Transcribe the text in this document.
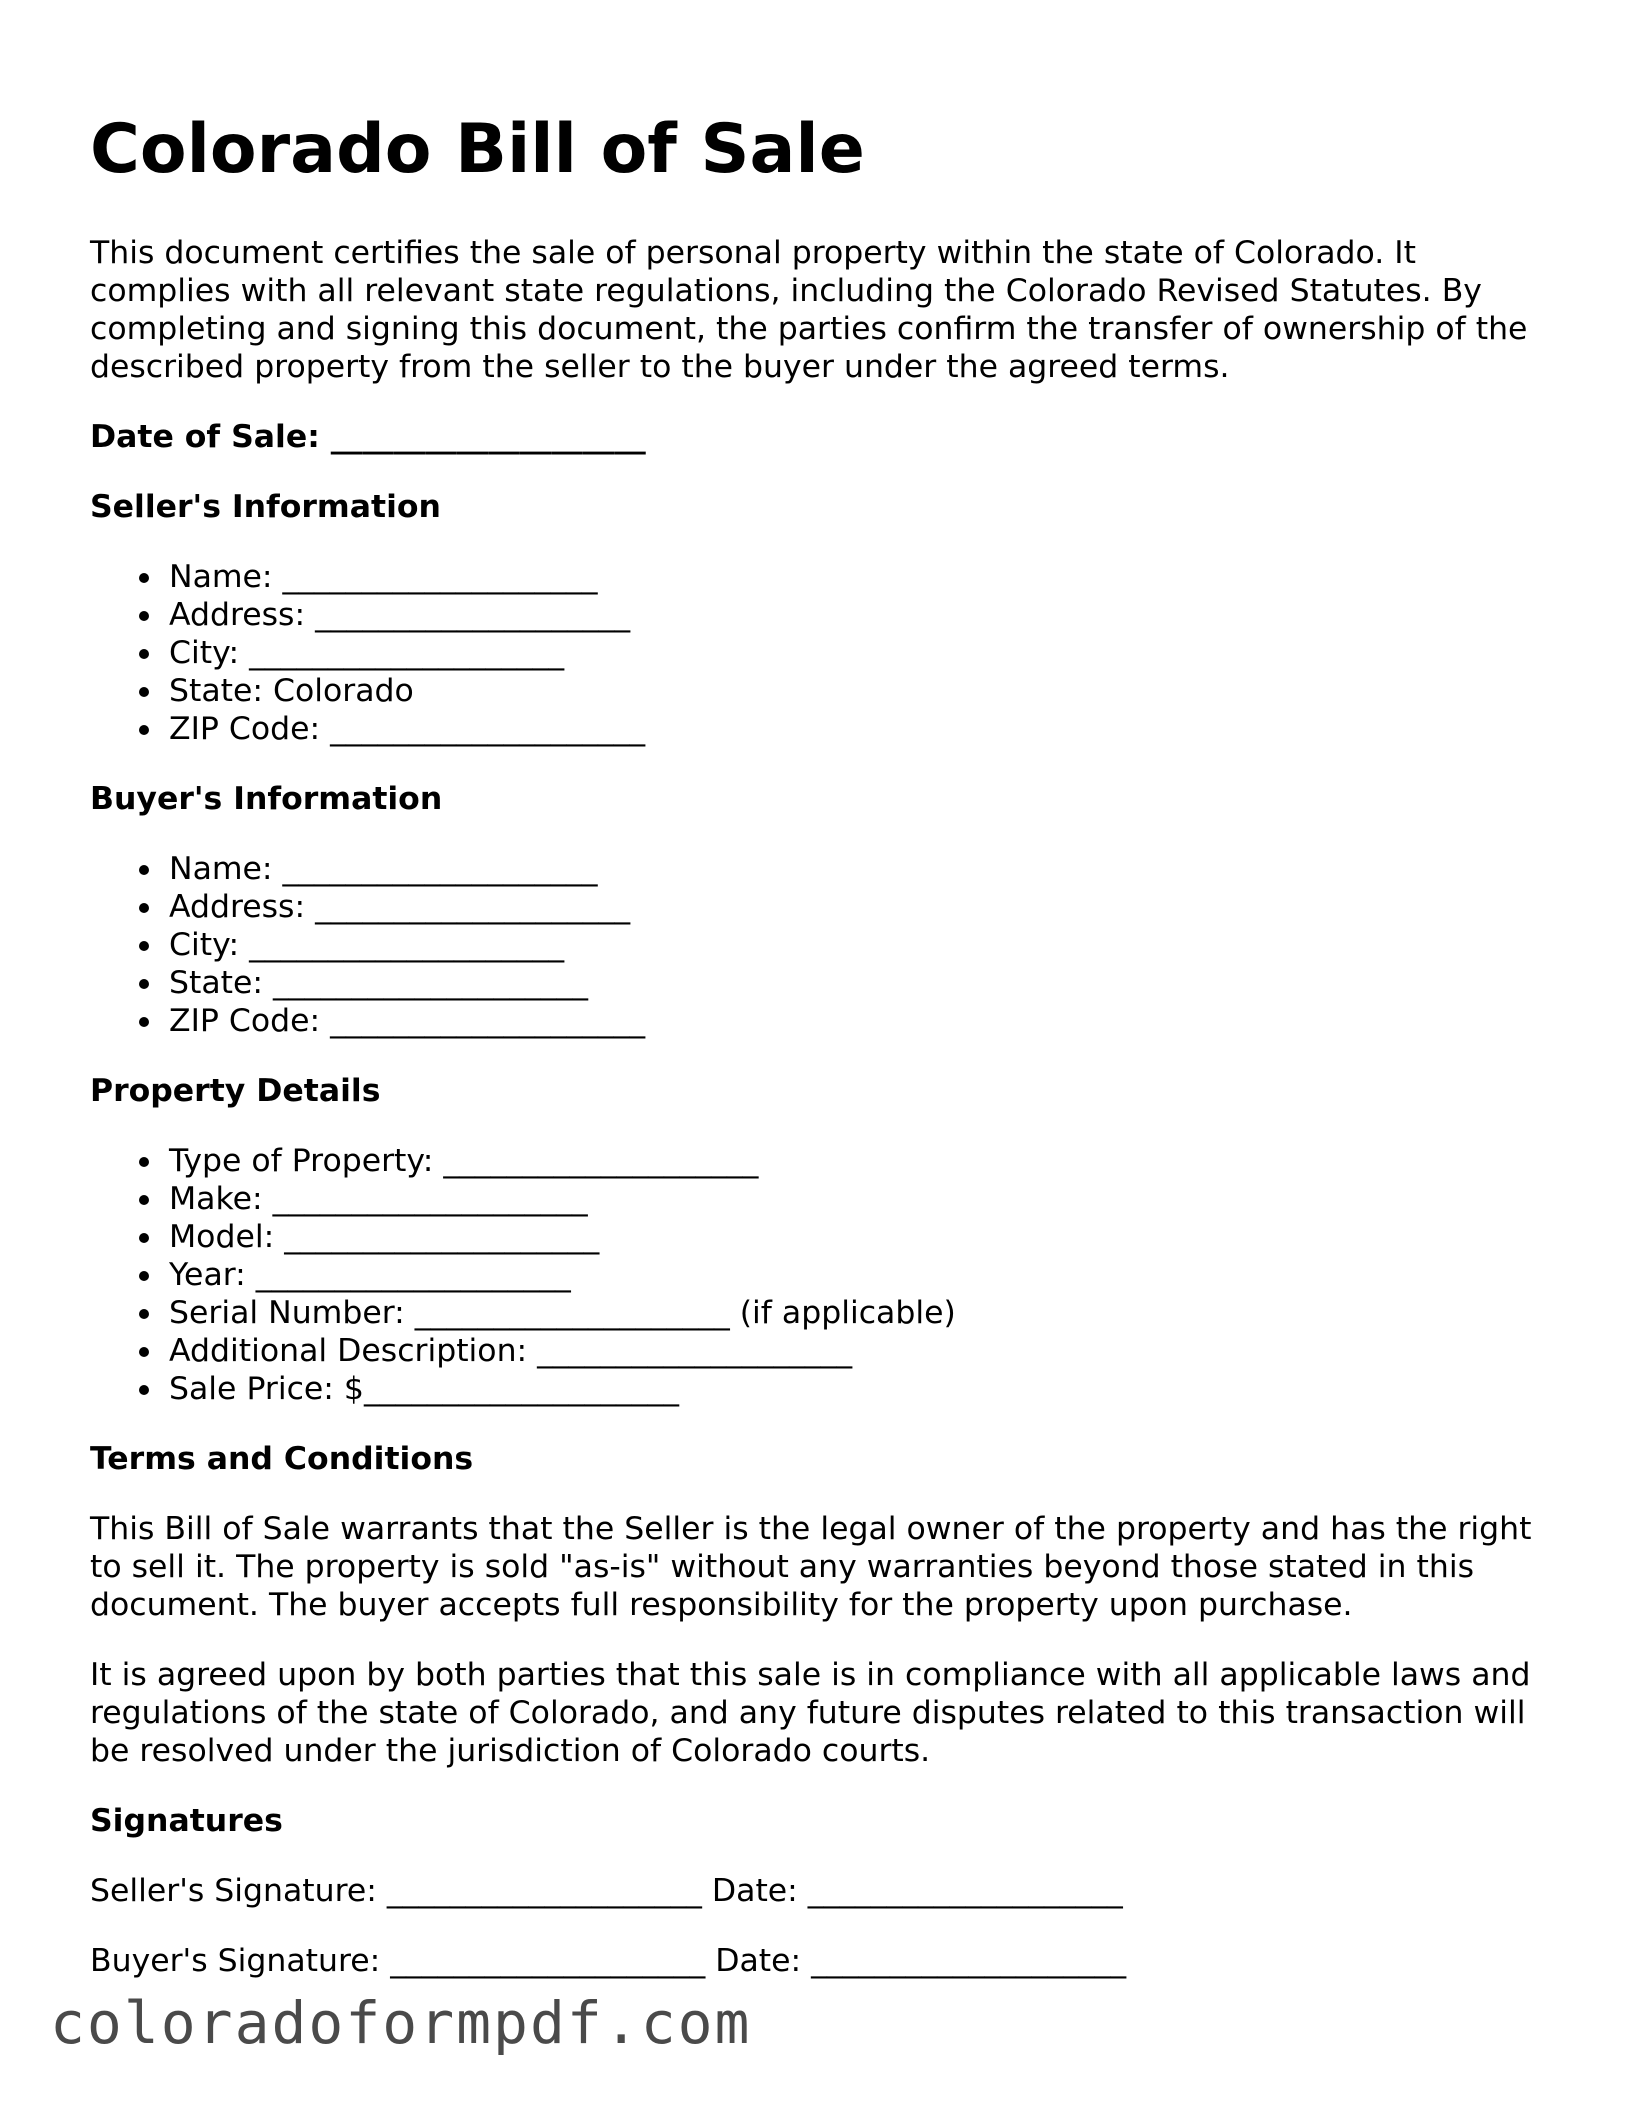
Colorado Bill of Sale

This document certifies the sale of personal property within the state of Colorado. It complies with all relevant state regulations, including the Colorado Revised Statutes. By completing and signing this document, the parties confirm the transfer of ownership of the described property from the seller to the buyer under the agreed terms.

Date of Sale: ____________________
Seller's Information
Name: ____________________
Address: ____________________
City: ____________________
State: Colorado
ZIP Code: ____________________
Buyer's Information
Name: ____________________
Address: ____________________
City: ____________________
State: ____________________
ZIP Code: ____________________
Property Details
Type of Property: ____________________
Make: ____________________
Model: ____________________
Year: ____________________
Serial Number: ____________________ (if applicable)
Additional Description: ____________________
Sale Price: $____________________
Terms and Conditions

This Bill of Sale warrants that the Seller is the legal owner of the property and has the right to sell it. The property is sold "as-is" without any warranties beyond those stated in this document. The buyer accepts full responsibility for the property upon purchase.

It is agreed upon by both parties that this sale is in compliance with all applicable laws and regulations of the state of Colorado, and any future disputes related to this transaction will be resolved under the jurisdiction of Colorado courts.

Signatures
Seller's Signature: ____________________ Date: ____________________
Buyer's Signature: ____________________ Date: ____________________
coloradoformpdf.com
